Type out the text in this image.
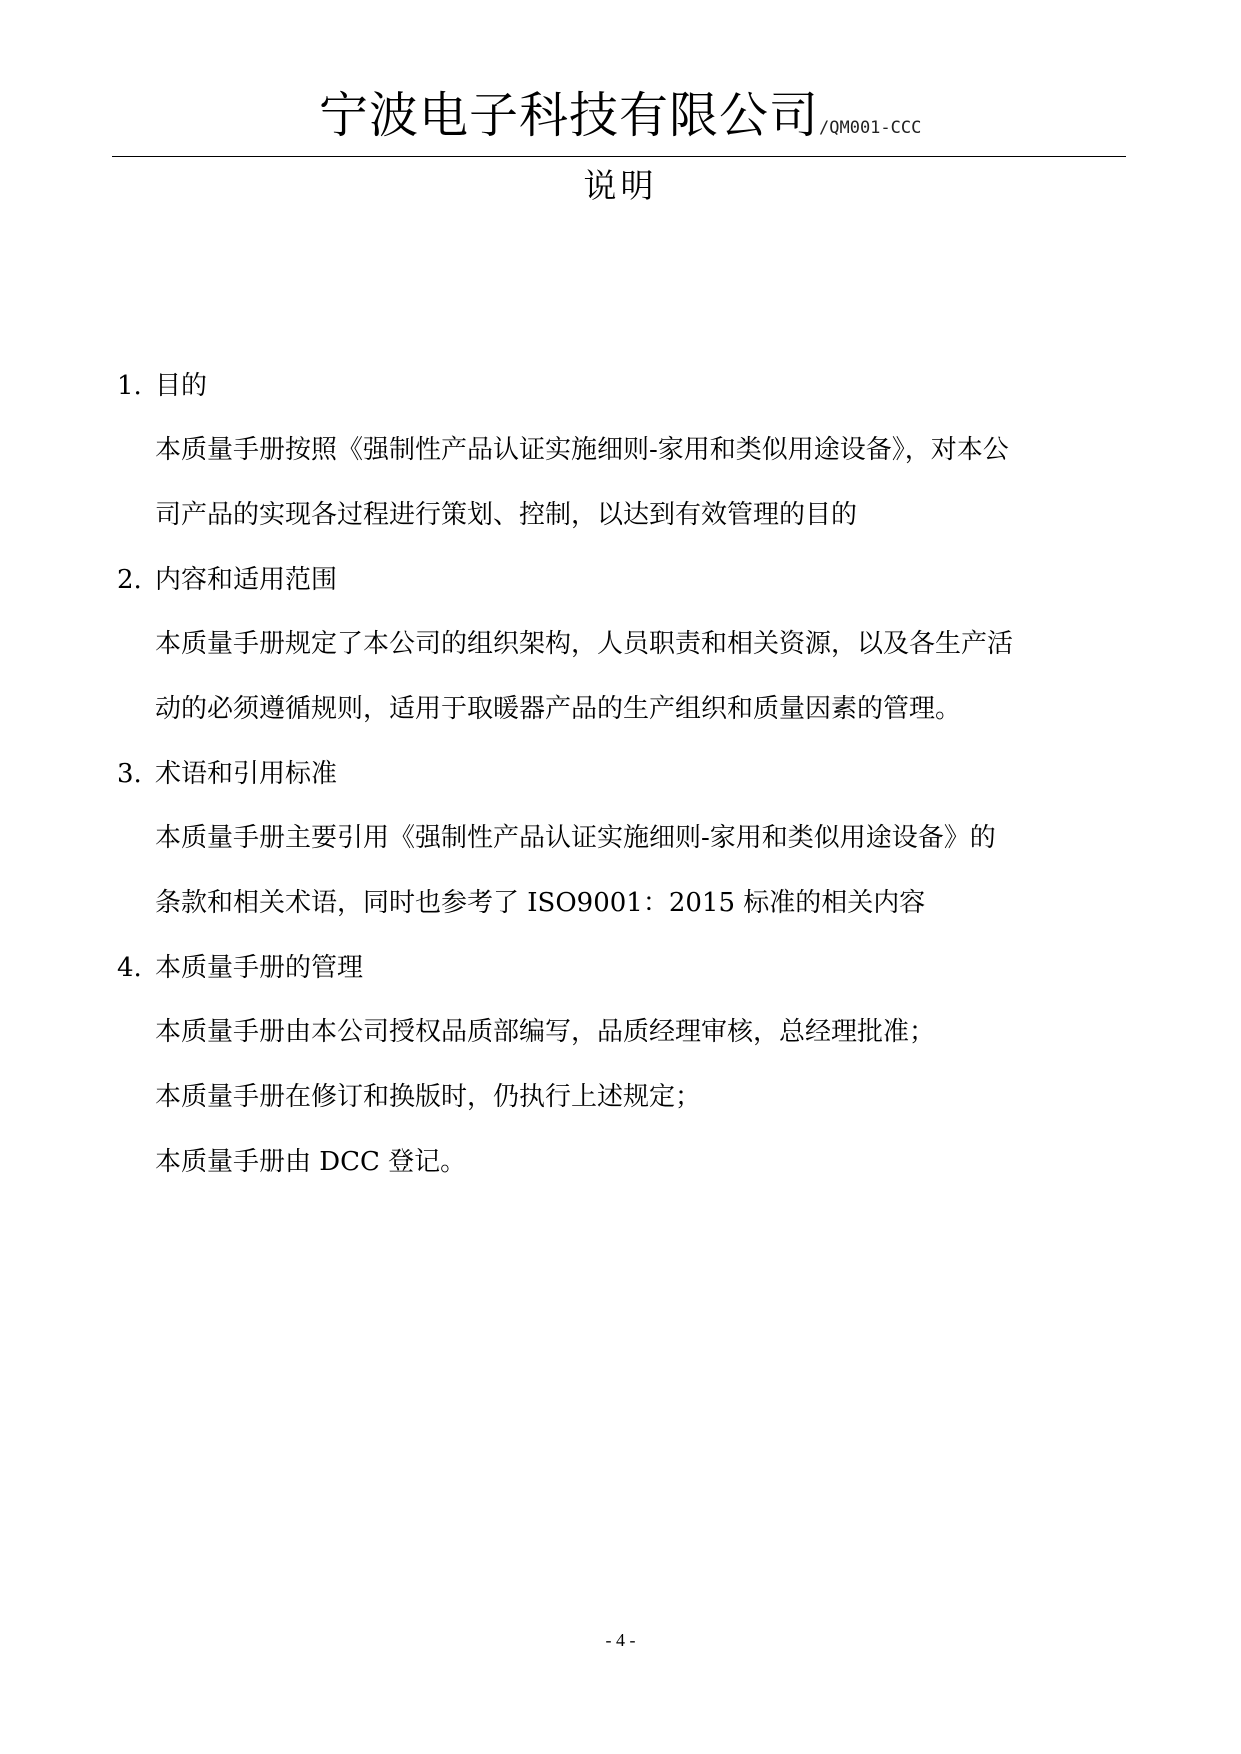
宁波电子科技有限公司 /QM001-CCC
说明
1. 目的

本质量手册按照《强制性产品认证实施细则-家用和类似用途设备》，对本公

司产品的实现各过程进行策划、控制，以达到有效管理的目的

2. 内容和适用范围

本质量手册规定了本公司的组织架构，人员职责和相关资源，以及各生产活

动的必须遵循规则，适用于取暖器产品的生产组织和质量因素的管理。

3. 术语和引用标准

本质量手册主要引用《强制性产品认证实施细则-家用和类似用途设备》的

条款和相关术语，同时也参考了 ISO9001：2015 标准的相关内容

4. 本质量手册的管理

本质量手册由本公司授权品质部编写，品质经理审核，总经理批准；

本质量手册在修订和换版时，仍执行上述规定；

本质量手册由 DCC 登记。

- 4 -
